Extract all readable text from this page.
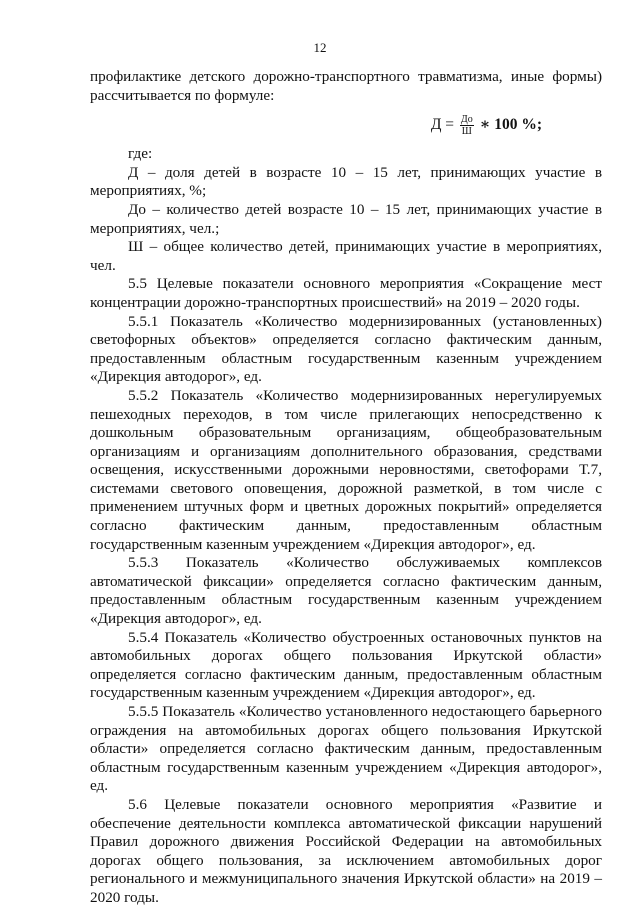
12

профилактике детского дорожно-транспортного травматизма, иные формы) рассчитывается по формуле:

$Д = \frac{До}{Ш}$ ∗ 100 %;

где:

Д – доля детей в возрасте 10 – 15 лет, принимающих участие в мероприятиях, %;

До – количество детей возрасте 10 – 15 лет, принимающих участие в мероприятиях, чел.;

Ш – общее количество детей, принимающих участие в мероприятиях, чел.

5.5 Целевые показатели основного мероприятия «Сокращение мест концентрации дорожно-транспортных происшествий» на 2019 – 2020 годы.

5.5.1 Показатель «Количество модернизированных (установленных) светофорных объектов» определяется согласно фактическим данным, предоставленным областным государственным казенным учреждением «Дирекция автодорог», ед.

5.5.2 Показатель «Количество модернизированных нерегулируемых пешеходных переходов, в том числе прилегающих непосредственно к дошкольным образовательным организациям, общеобразовательным организациям и организациям дополнительного образования, средствами освещения, искусственными дорожными неровностями, светофорами Т.7, системами светового оповещения, дорожной разметкой, в том числе с применением штучных форм и цветных дорожных покрытий» определяется согласно фактическим данным, предоставленным областным государственным казенным учреждением «Дирекция автодорог», ед.

5.5.3 Показатель «Количество обслуживаемых комплексов автоматической фиксации» определяется согласно фактическим данным, предоставленным областным государственным казенным учреждением «Дирекция автодорог», ед.

5.5.4 Показатель «Количество обустроенных остановочных пунктов на автомобильных дорогах общего пользования Иркутской области» определяется согласно фактическим данным, предоставленным областным государственным казенным учреждением «Дирекция автодорог», ед.

5.5.5 Показатель «Количество установленного недостающего барьерного ограждения на автомобильных дорогах общего пользования Иркутской области» определяется согласно фактическим данным, предоставленным областным государственным казенным учреждением «Дирекция автодорог», ед.

5.6 Целевые показатели основного мероприятия «Развитие и обеспечение деятельности комплекса автоматической фиксации нарушений Правил дорожного движения Российской Федерации на автомобильных дорогах общего пользования, за исключением автомобильных дорог регионального и межмуниципального значения Иркутской области» на 2019 – 2020 годы.
